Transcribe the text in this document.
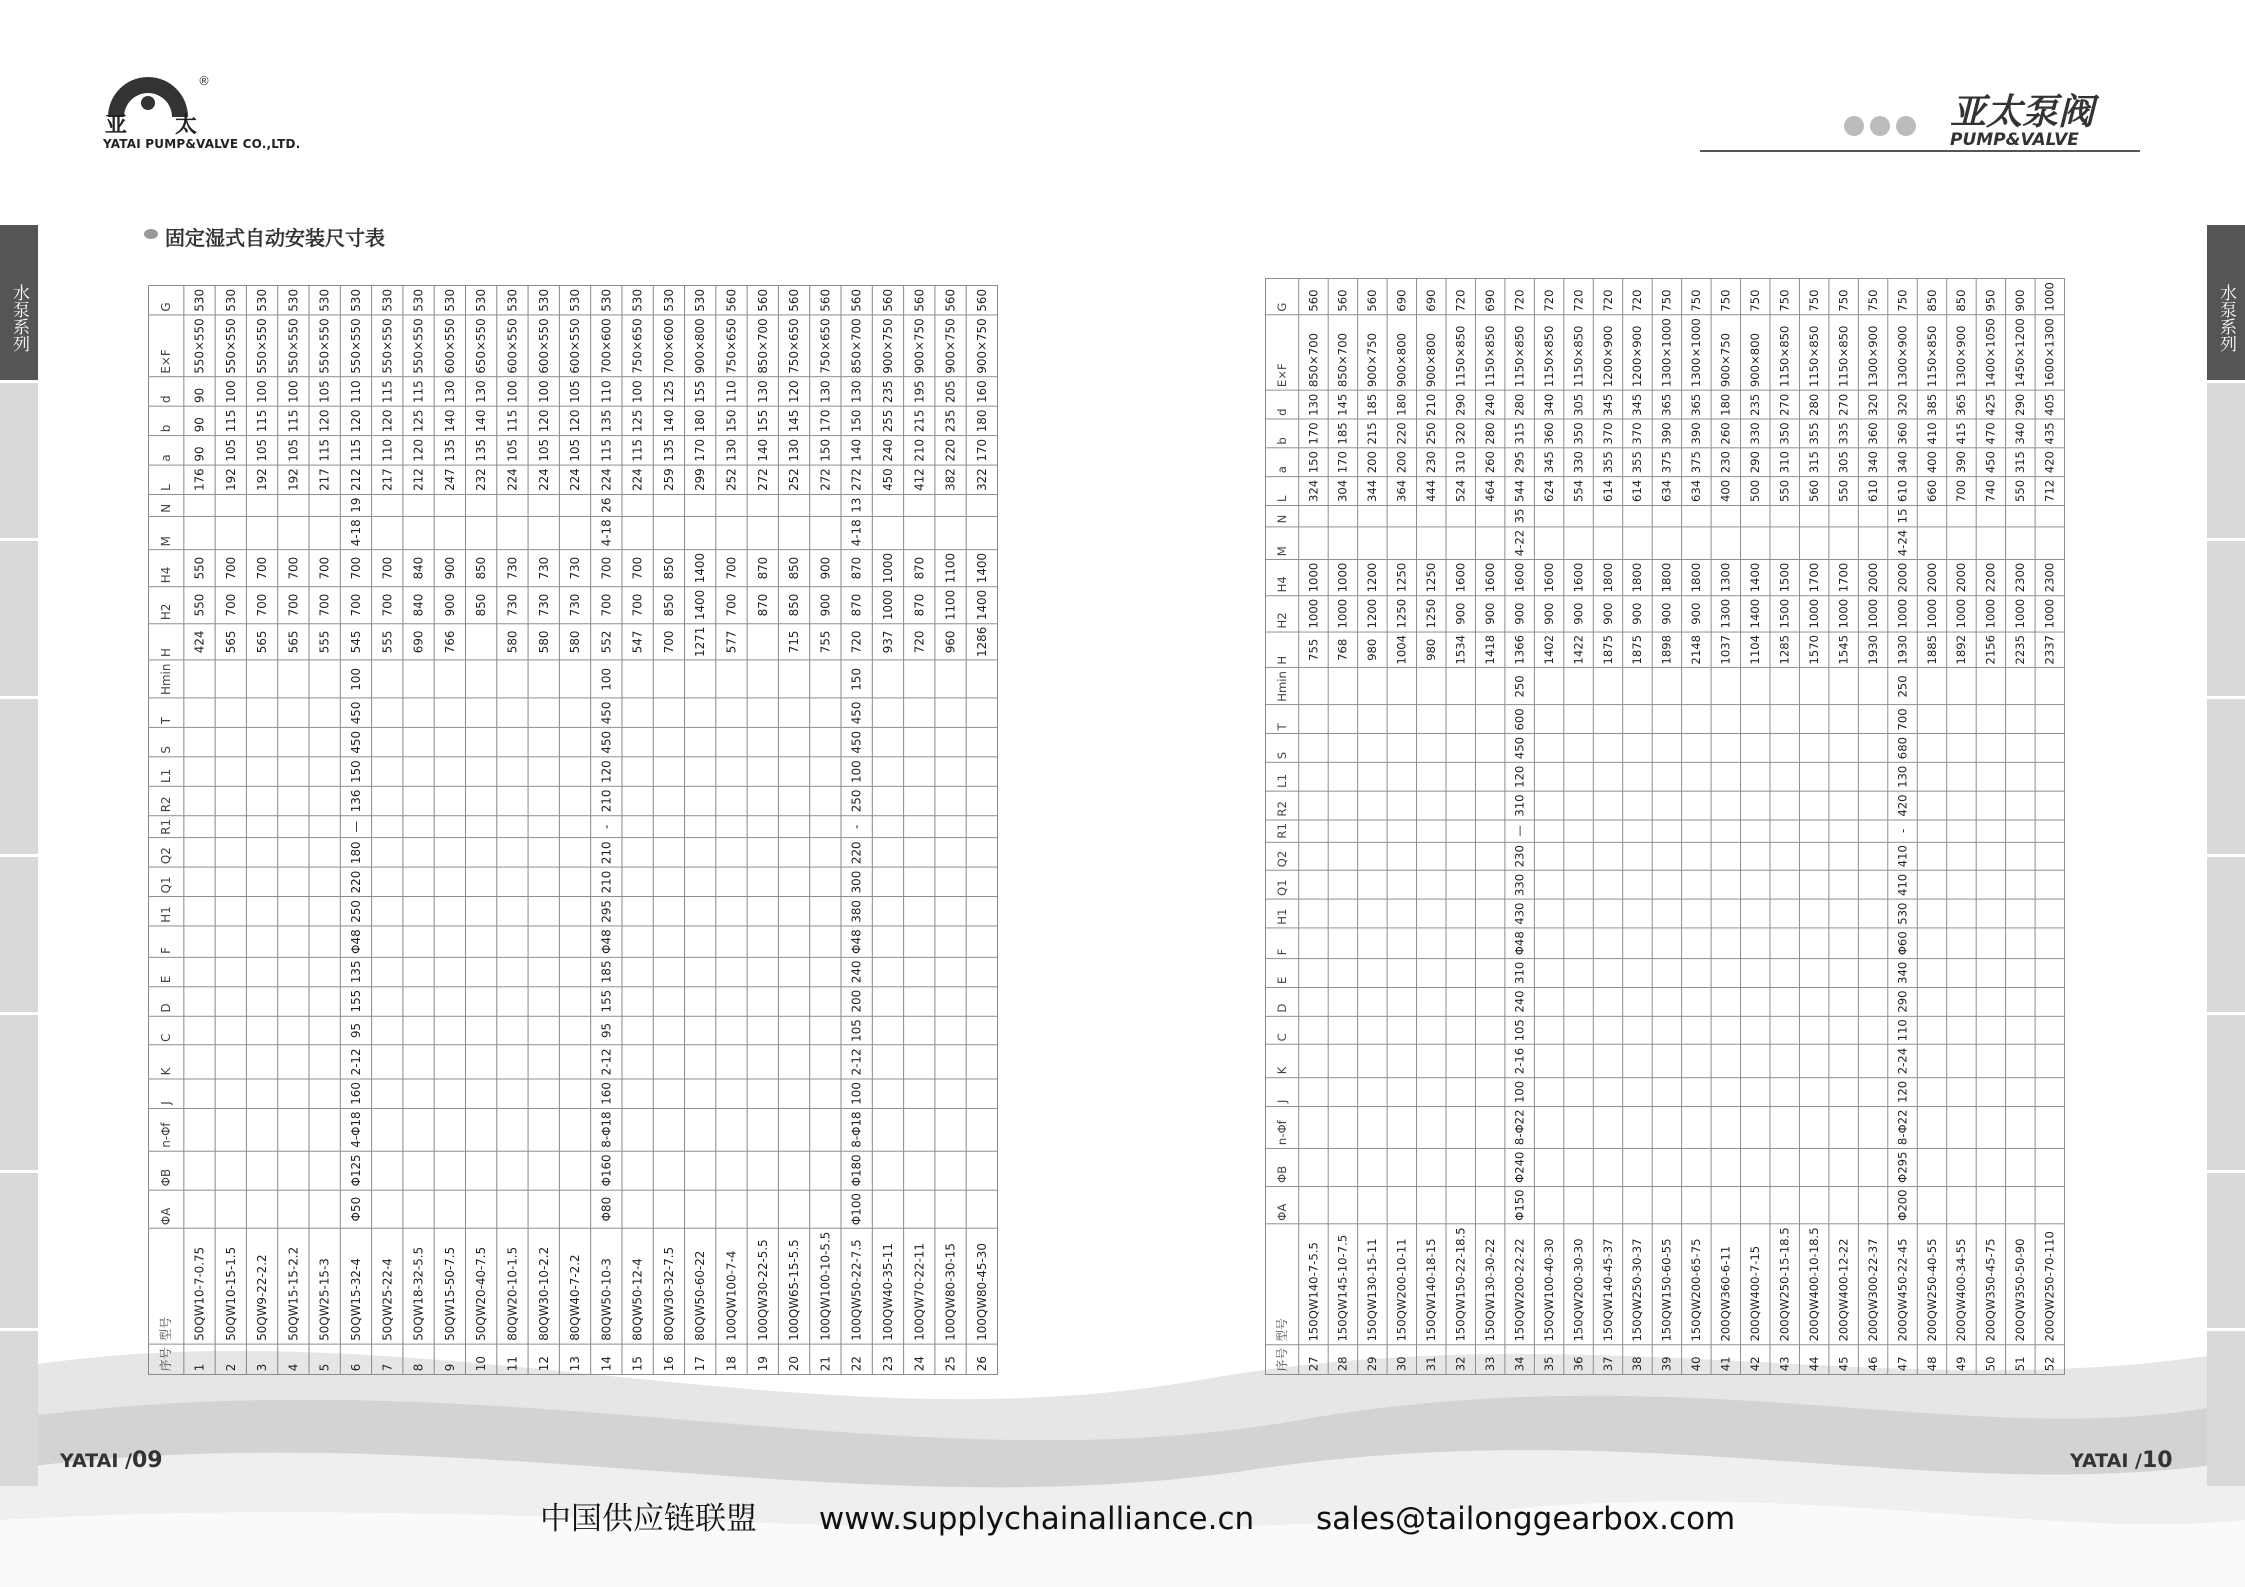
®
亚太
YATAI PUMP&VALVE CO.,LTD.
亚太泵阀
PUMP&VALVE
固定湿式自动安装尺寸表
水泵系列	水泵系列
序号	型号	ΦA	ΦB	n-Φf	J	K	C	D	E	F	H1	Q1	Q2	R1	R2	L1	S	T	Hmin	H	H2	H4	M	N	L	a	b	d	E×F	G
1	50QW10-7-0.75																			424	550	550			176	90	90	90	550×550	530
2	50QW10-15-1.5																			565	700	700			192	105	115	100	550×550	530
3	50QW9-22-2.2																			565	700	700			192	105	115	100	550×550	530
4	50QW15-15-2.2																			565	700	700			192	105	115	100	550×550	530
5	50QW25-15-3																			555	700	700			217	115	120	105	550×550	530
6	50QW15-32-4	Φ50	Φ125	4-Φ18	160	2-12	95	155	135	Φ48	250	220	180	—	136	150	450	450	100	545	700	700	4-18	19	212	115	120	110	550×550	530
7	50QW25-22-4																			555	700	700			217	110	120	115	550×550	530
8	50QW18-32-5.5																			690	840	840			212	120	125	115	550×550	530
9	50QW15-50-7.5																			766	900	900			247	135	140	130	600×550	530
10	50QW20-40-7.5																				850	850			232	135	140	130	650×550	530
11	80QW20-10-1.5																			580	730	730			224	105	115	100	600×550	530
12	80QW30-10-2.2																			580	730	730			224	105	120	100	600×550	530
13	80QW40-7-2.2																			580	730	730			224	105	120	105	600×550	530
14	80QW50-10-3	Φ80	Φ160	8-Φ18	160	2-12	95	155	185	Φ48	295	210	210	-	210	120	450	450	100	552	700	700	4-18	26	224	115	135	110	700×600	530
15	80QW50-12-4																			547	700	700			224	115	125	100	750×650	530
16	80QW30-32-7.5																			700	850	850			259	135	140	125	700×600	530
17	80QW50-60-22																			1271	1400	1400			299	170	180	155	900×800	530
18	100QW100-7-4																			577	700	700			252	130	150	110	750×650	560
19	100QW30-22-5.5																				870	870			272	140	155	130	850×700	560
20	100QW65-15-5.5																			715	850	850			252	130	145	120	750×650	560
21	100QW100-10-5.5																			755	900	900			272	150	170	130	750×650	560
22	100QW50-22-7.5	Φ100	Φ180	8-Φ18	100	2-12	105	200	240	Φ48	380	300	220	-	250	100	450	450	150	720	870	870	4-18	13	272	140	150	130	850×700	560
23	100QW40-35-11																			937	1000	1000			450	240	255	235	900×750	560
24	100QW70-22-11																			720	870	870			412	210	215	195	900×750	560
25	100QW80-30-15																			960	1100	1100			382	220	235	205	900×750	560
26	100QW80-45-30																			1286	1400	1400			322	170	180	160	900×750	560
序号	型号	ΦA	ΦB	n-Φf	J	K	C	D	E	F	H1	Q1	Q2	R1	R2	L1	S	T	Hmin	H	H2	H4	M	N	L	a	b	d	E×F	G
27	150QW140-7-5.5																			755	1000	1000			324	150	170	130	850×700	560
28	150QW145-10-7.5																			768	1000	1000			304	170	185	145	850×700	560
29	150QW130-15-11																			980	1200	1200			344	200	215	185	900×750	560
30	150QW200-10-11																			1004	1250	1250			364	200	220	180	900×800	690
31	150QW140-18-15																			980	1250	1250			444	230	250	210	900×800	690
32	150QW150-22-18.5																			1534	900	1600			524	310	320	290	1150×850	720
33	150QW130-30-22																			1418	900	1600			464	260	280	240	1150×850	690
34	150QW200-22-22	Φ150	Φ240	8-Φ22	100	2-16	105	240	310	Φ48	430	330	230	—	310	120	450	600	250	1366	900	1600	4-22	35	544	295	315	280	1150×850	720
35	150QW100-40-30																			1402	900	1600			624	345	360	340	1150×850	720
36	150QW200-30-30																			1422	900	1600			554	330	350	305	1150×850	720
37	150QW140-45-37																			1875	900	1800			614	355	370	345	1200×900	720
38	150QW250-30-37																			1875	900	1800			614	355	370	345	1200×900	720
39	150QW150-60-55																			1898	900	1800			634	375	390	365	1300×1000	750
40	150QW200-65-75																			2148	900	1800			634	375	390	365	1300×1000	750
41	200QW360-6-11																			1037	1300	1300			400	230	260	180	900×750	750
42	200QW400-7-15																			1104	1400	1400			500	290	330	235	900×800	750
43	200QW250-15-18.5																			1285	1500	1500			550	310	350	270	1150×850	750
44	200QW400-10-18.5																			1570	1000	1700			560	315	355	280	1150×850	750
45	200QW400-12-22																			1545	1000	1700			550	305	335	270	1150×850	750
46	200QW300-22-37																			1930	1000	2000			610	340	360	320	1300×900	750
47	200QW450-22-45	Φ200	Φ295	8-Φ22	120	2-24	110	290	340	Φ60	530	410	410	-	420	130	680	700	250	1930	1000	2000	4-24	15	610	340	360	320	1300×900	750
48	200QW250-40-55																			1885	1000	2000			660	400	410	385	1150×850	850
49	200QW400-34-55																			1892	1000	2000			700	390	415	365	1300×900	850
50	200QW350-45-75																			2156	1000	2200			740	450	470	425	1400×1050	950
51	200QW350-50-90																			2235	1000	2300			550	315	340	290	1450×1200	900
52	200QW250-70-110																			2337	1000	2300			712	420	435	405	1600×1300	1000
YATAI /09	YATAI /10
中国供应链联盟 www.supplychainalliance.cn sales@tailonggearbox.com
